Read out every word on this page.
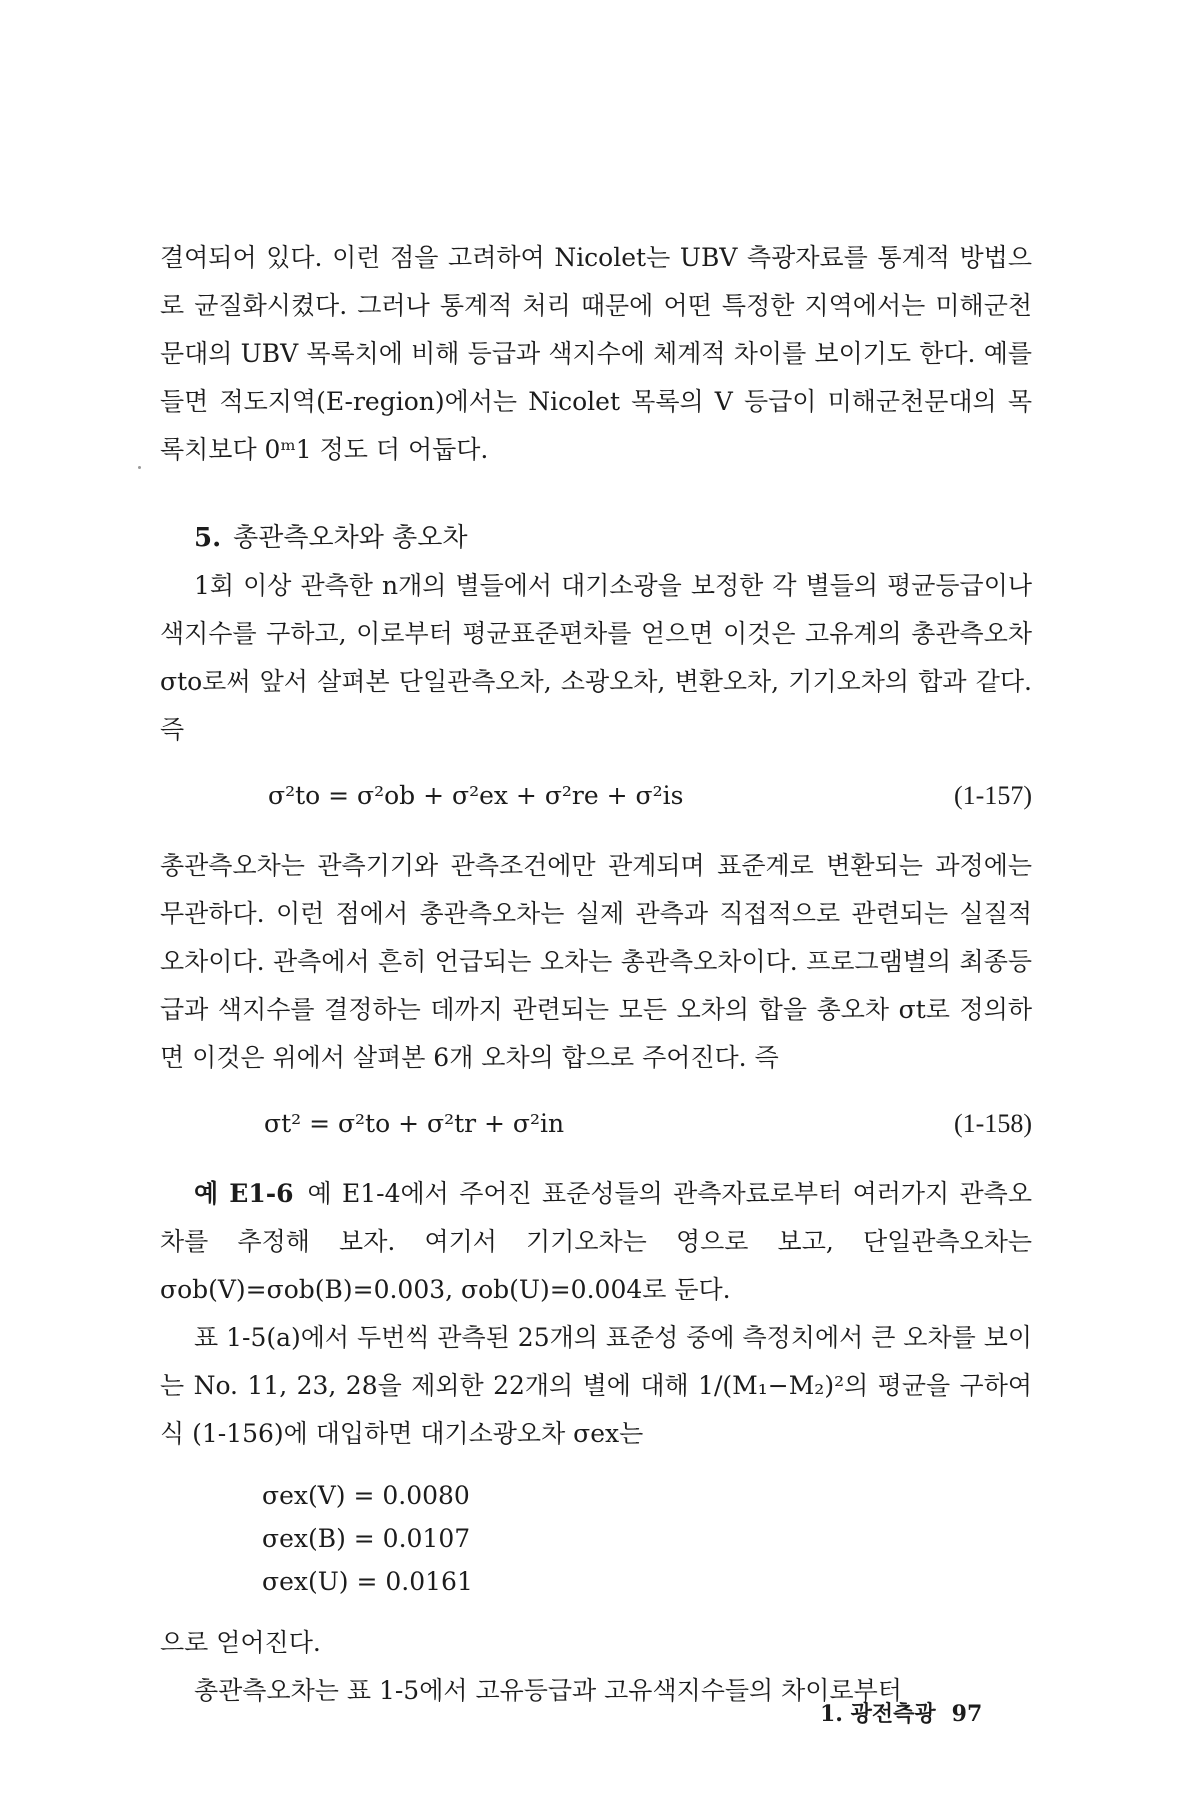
결여되어 있다. 이런 점을 고려하여 Nicolet는 UBV 측광자료를 통계적 방법으로 균질화시켰다. 그러나 통계적 처리 때문에 어떤 특정한 지역에서는 미해군천문대의 UBV 목록치에 비해 등급과 색지수에 체계적 차이를 보이기도 한다. 예를 들면 적도지역(E-region)에서는 Nicolet 목록의 V 등급이 미해군천문대의 목록치보다 0ᵐ1 정도 더 어둡다.

5. 총관측오차와 총오차

1회 이상 관측한 n개의 별들에서 대기소광을 보정한 각 별들의 평균등급이나 색지수를 구하고, 이로부터 평균표준편차를 얻으면 이것은 고유계의 총관측오차 σto로써 앞서 살펴본 단일관측오차, 소광오차, 변환오차, 기기오차의 합과 같다. 즉

σ²to = σ²ob + σ²ex + σ²re + σ²is	(1-157)

총관측오차는 관측기기와 관측조건에만 관계되며 표준계로 변환되는 과정에는 무관하다. 이런 점에서 총관측오차는 실제 관측과 직접적으로 관련되는 실질적 오차이다. 관측에서 흔히 언급되는 오차는 총관측오차이다. 프로그램별의 최종등급과 색지수를 결정하는 데까지 관련되는 모든 오차의 합을 총오차 σt로 정의하면 이것은 위에서 살펴본 6개 오차의 합으로 주어진다. 즉

σt² = σ²to + σ²tr + σ²in	(1-158)

예 E1-6 예 E1-4에서 주어진 표준성들의 관측자료로부터 여러가지 관측오차를 추정해 보자. 여기서 기기오차는 영으로 보고, 단일관측오차는 σob(V)=σob(B)=0.003, σob(U)=0.004로 둔다.

표 1-5(a)에서 두번씩 관측된 25개의 표준성 중에 측정치에서 큰 오차를 보이는 No. 11, 23, 28을 제외한 22개의 별에 대해 1/(M₁−M₂)²의 평균을 구하여 식 (1-156)에 대입하면 대기소광오차 σex는

σex(V) = 0.0080
σex(B) = 0.0107
σex(U) = 0.0161

으로 얻어진다.

총관측오차는 표 1-5에서 고유등급과 고유색지수들의 차이로부터

1. 광전측광 97
